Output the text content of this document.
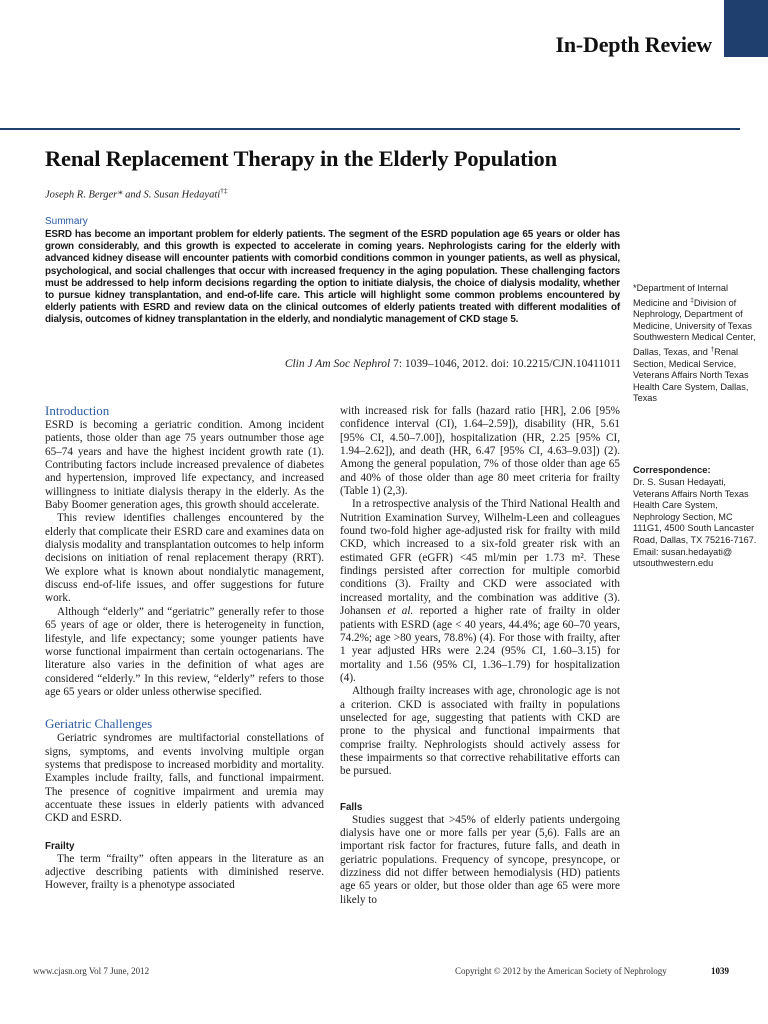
In-Depth Review
Renal Replacement Therapy in the Elderly Population
Joseph R. Berger* and S. Susan Hedayati†‡
Summary
ESRD has become an important problem for elderly patients. The segment of the ESRD population age 65 years or older has grown considerably, and this growth is expected to accelerate in coming years. Nephrologists caring for the elderly with advanced kidney disease will encounter patients with comorbid conditions common in younger patients, as well as physical, psychological, and social challenges that occur with increased frequency in the aging population. These challenging factors must be addressed to help inform decisions regarding the option to initiate dialysis, the choice of dialysis modality, whether to pursue kidney transplantation, and end-of-life care. This article will highlight some common problems encountered by elderly patients with ESRD and review data on the clinical outcomes of elderly patients treated with different modalities of dialysis, outcomes of kidney transplantation in the elderly, and nondialytic management of CKD stage 5.
Clin J Am Soc Nephrol 7: 1039–1046, 2012. doi: 10.2215/CJN.10411011
Introduction

ESRD is becoming a geriatric condition. Among incident patients, those older than age 75 years outnumber those age 65–74 years and have the highest incident growth rate (1). Contributing factors include increased prevalence of diabetes and hypertension, improved life expectancy, and increased willingness to initiate dialysis therapy in the elderly. As the Baby Boomer generation ages, this growth should accelerate.

This review identifies challenges encountered by the elderly that complicate their ESRD care and examines data on dialysis modality and transplantation outcomes to help inform decisions on initiation of renal replacement therapy (RRT). We explore what is known about nondialytic management, discuss end-of-life issues, and offer suggestions for future work.

Although “elderly” and “geriatric” generally refer to those 65 years of age or older, there is heterogeneity in function, lifestyle, and life expectancy; some younger patients have worse functional impairment than certain octogenarians. The literature also varies in the definition of what ages are considered “elderly.” In this review, “elderly” refers to those age 65 years or older unless otherwise specified.

Geriatric Challenges

Geriatric syndromes are multifactorial constellations of signs, symptoms, and events involving multiple organ systems that predispose to increased morbidity and mortality. Examples include frailty, falls, and functional impairment. The presence of cognitive impairment and uremia may accentuate these issues in elderly patients with advanced CKD and ESRD.

Frailty

The term “frailty” often appears in the literature as an adjective describing patients with diminished reserve. However, frailty is a phenotype associated

with increased risk for falls (hazard ratio [HR], 2.06 [95% confidence interval (CI), 1.64–2.59]), disability (HR, 5.61 [95% CI, 4.50–7.00]), hospitalization (HR, 2.25 [95% CI, 1.94–2.62]), and death (HR, 6.47 [95% CI, 4.63–9.03]) (2). Among the general population, 7% of those older than age 65 and 40% of those older than age 80 meet criteria for frailty (Table 1) (2,3).

In a retrospective analysis of the Third National Health and Nutrition Examination Survey, Wilhelm-Leen and colleagues found two-fold higher age-adjusted risk for frailty with mild CKD, which increased to a six-fold greater risk with an estimated GFR (eGFR) <45 ml/min per 1.73 m². These findings persisted after correction for multiple comorbid conditions (3). Frailty and CKD were associated with increased mortality, and the combination was additive (3). Johansen et al. reported a higher rate of frailty in older patients with ESRD (age < 40 years, 44.4%; age 60–70 years, 74.2%; age >80 years, 78.8%) (4). For those with frailty, after 1 year adjusted HRs were 2.24 (95% CI, 1.60–3.15) for mortality and 1.56 (95% CI, 1.36–1.79) for hospitalization (4).

Although frailty increases with age, chronologic age is not a criterion. CKD is associated with frailty in populations unselected for age, suggesting that patients with CKD are prone to the physical and functional impairments that comprise frailty. Nephrologists should actively assess for these impairments so that corrective rehabilitative efforts can be pursued.

Falls

Studies suggest that >45% of elderly patients undergoing dialysis have one or more falls per year (5,6). Falls are an important risk factor for fractures, future falls, and death in geriatric populations. Frequency of syncope, presyncope, or dizziness did not differ between hemodialysis (HD) patients age 65 years or older, but those older than age 65 were more likely to

*Department of Internal Medicine and ‡Division of Nephrology, Department of Medicine, University of Texas Southwestern Medical Center, Dallas, Texas, and †Renal Section, Medical Service, Veterans Affairs North Texas Health Care System, Dallas, Texas
Correspondence:
Dr. S. Susan Hedayati, Veterans Affairs North Texas Health Care System, Nephrology Section, MC 111G1, 4500 South Lancaster Road, Dallas, TX 75216-7167. Email: susan.hedayati@ utsouthwestern.edu
www.cjasn.org Vol 7 June, 2012	Copyright © 2012 by the American Society of Nephrology	1039
